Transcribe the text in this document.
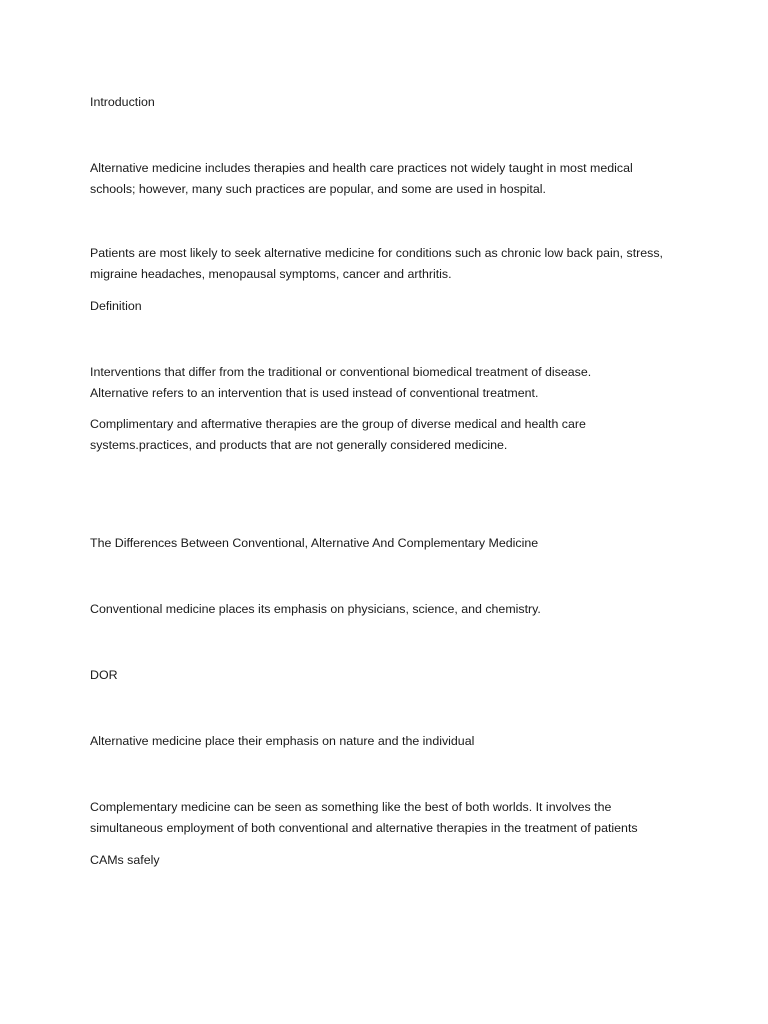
Introduction

Alternative medicine includes therapies and health care practices not widely taught in most medical
schools; however, many such practices are popular, and some are used in hospital.

Patients are most likely to seek alternative medicine for conditions such as chronic low back pain, stress,
migraine headaches, menopausal symptoms, cancer and arthritis.

Definition

Interventions that differ from the traditional or conventional biomedical treatment of disease.
Alternative refers to an intervention that is used instead of conventional treatment.

Complimentary and aftermative therapies are the group of diverse medical and health care
systems.practices, and products that are not generally considered medicine.

The Differences Between Conventional, Alternative And Complementary Medicine

Conventional medicine places its emphasis on physicians, science, and chemistry.

DOR

Alternative medicine place their emphasis on nature and the individual

Complementary medicine can be seen as something like the best of both worlds. It involves the
simultaneous employment of both conventional and alternative therapies in the treatment of patients

CAMs safely
